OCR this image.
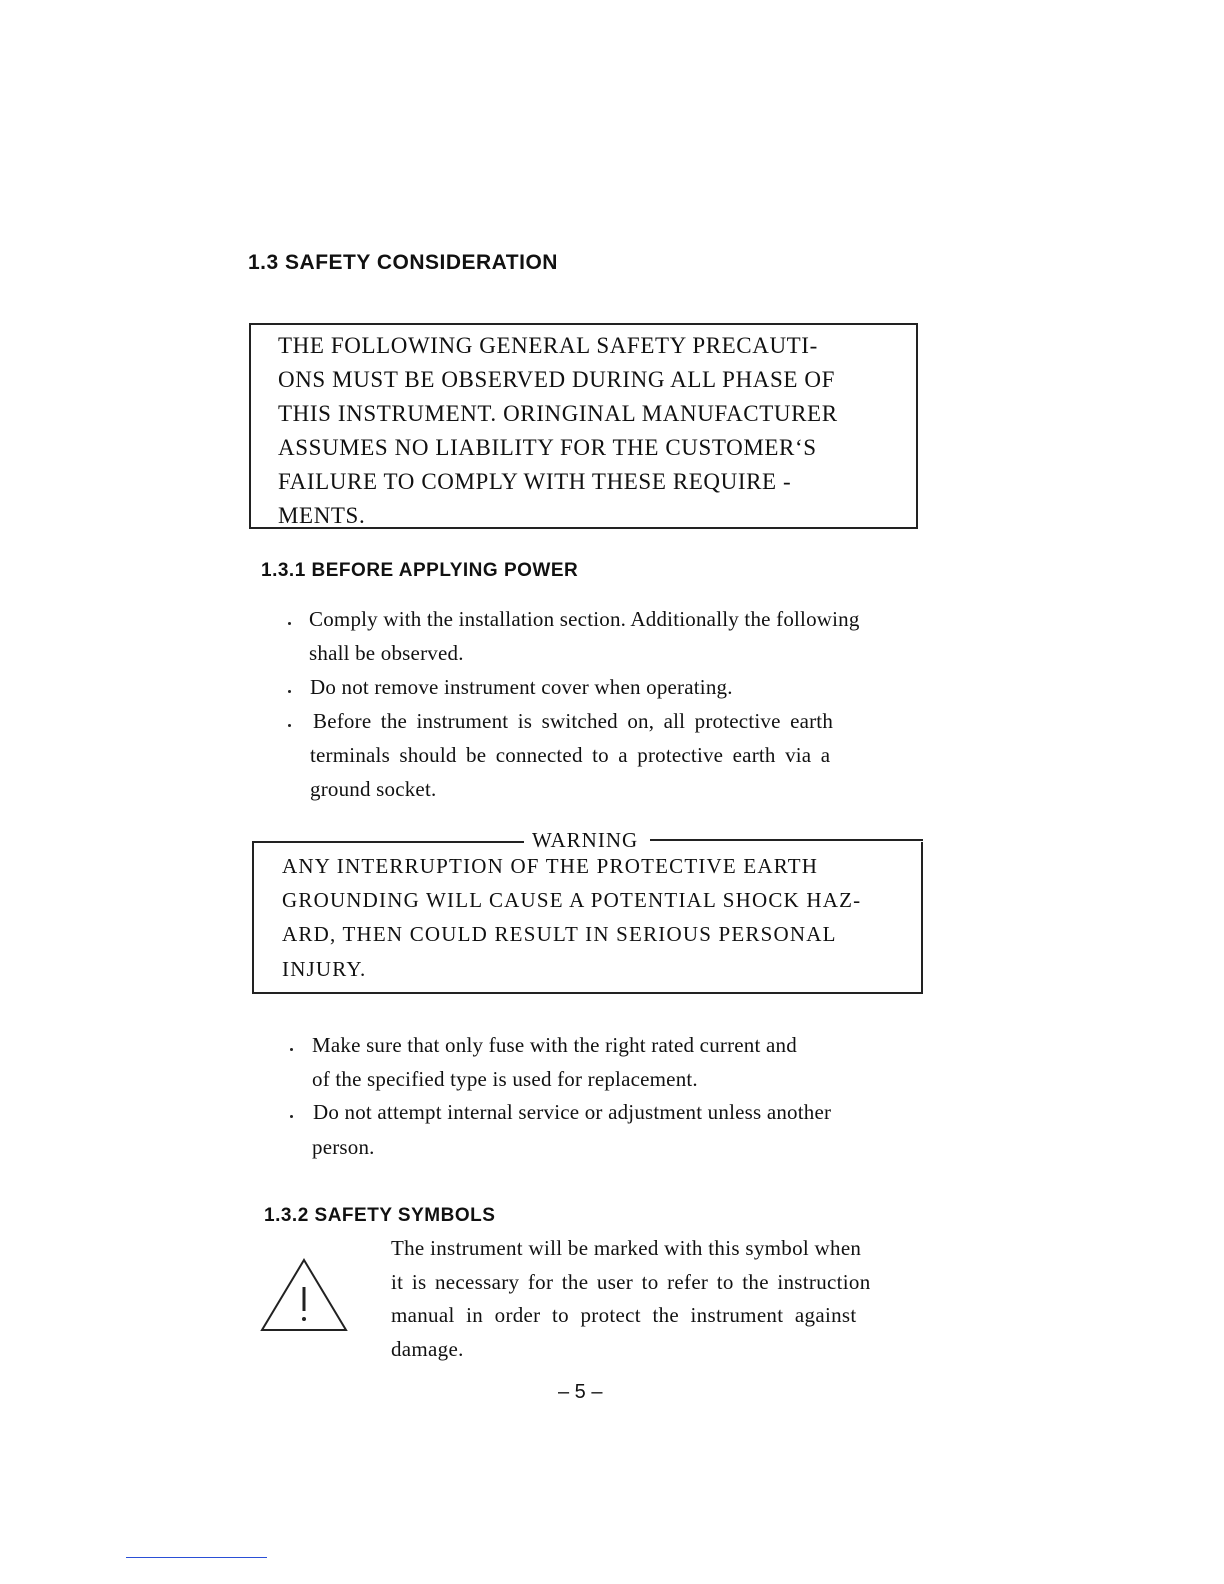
1.3 SAFETY CONSIDERATION
THE FOLLOWING GENERAL SAFETY PRECAUTI-
ONS MUST BE OBSERVED DURING ALL PHASE OF
THIS INSTRUMENT. ORINGINAL MANUFACTURER
ASSUMES NO LIABILITY FOR THE CUSTOMER‘S
FAILURE TO COMPLY WITH THESE REQUIRE -
MENTS.
1.3.1 BEFORE APPLYING POWER
Comply with the installation section. Additionally the following
shall be observed.
Do not remove instrument cover when operating.
Before the instrument is switched on, all protective earth
terminals should be connected to a protective earth via a
ground socket.
WARNING
ANY INTERRUPTION OF THE PROTECTIVE EARTH
GROUNDING WILL CAUSE A POTENTIAL SHOCK HAZ-
ARD, THEN COULD RESULT IN SERIOUS PERSONAL
INJURY.
Make sure that only fuse with the right rated current and
of the specified type is used for replacement.
Do not attempt internal service or adjustment unless another
person.
1.3.2 SAFETY SYMBOLS
The instrument will be marked with this symbol when
it is necessary for the user to refer to the instruction
manual in order to protect the instrument against
damage.
– 5 –
